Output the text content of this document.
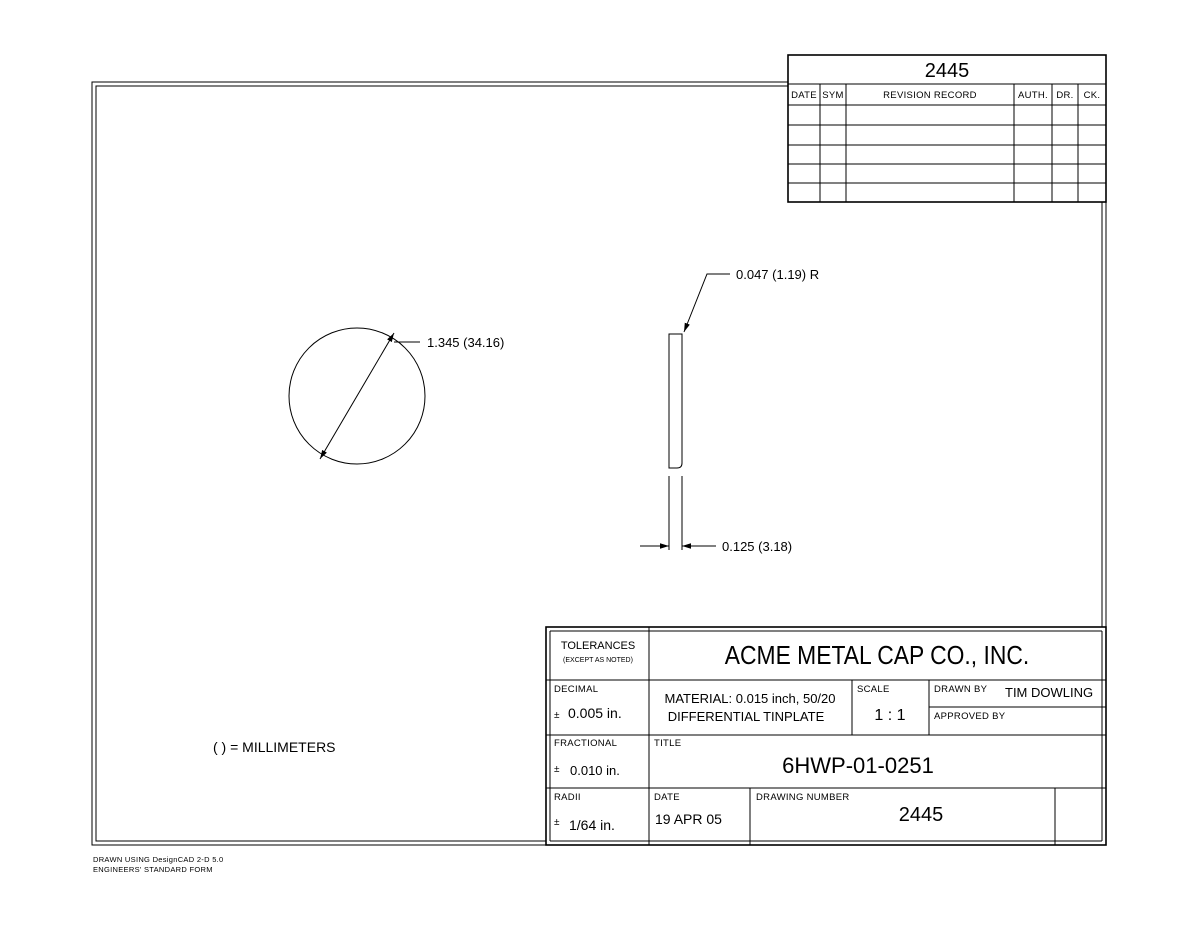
2445
DATE SYM	REVISION RECORD	AUTH. DR. CK.
1.345 (34.16)
0.047 (1.19) R
0.125 (3.18)
( ) = MILLIMETERS
TOLERANCES
(EXCEPT AS NOTED)	ACME METAL CAP CO., INC.
DECIMAL
± 0.005 in.
MATERIAL: 0.015 inch, 50/20
DIFFERENTIAL TINPLATE
SCALE
1 : 1
DRAWN BY TIM DOWLING
APPROVED BY
FRACTIONAL
± 0.010 in.
TITLE
6HWP-01-0251
RADII
± 1/64 in.
DATE
19 APR 05
DRAWING NUMBER
2445
DRAWN USING DesignCAD 2-D 5.0
ENGINEERS' STANDARD FORM
